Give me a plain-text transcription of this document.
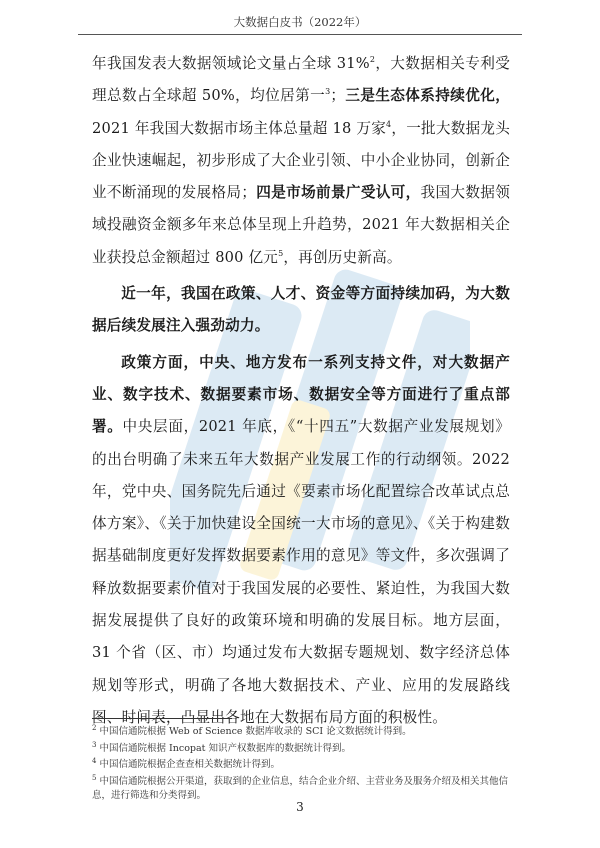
大数据白皮书（2022年）

年我国发表大数据领域论文量占全球 31%$^2$，大数据相关专利受理总数占全球超 50%，均位居第一$^3$；三是生态体系持续优化，2021 年我国大数据市场主体总量超 18 万家$^4$，一批大数据龙头企业快速崛起，初步形成了大企业引领、中小企业协同，创新企业不断涌现的发展格局；四是市场前景广受认可，我国大数据领域投融资金额多年来总体呈现上升趋势，2021 年大数据相关企业获投总金额超过 800 亿元$^5$，再创历史新高。

近一年，我国在政策、人才、资金等方面持续加码，为大数据后续发展注入强劲动力。

政策方面，中央、地方发布一系列支持文件，对大数据产业、数字技术、数据要素市场、数据安全等方面进行了重点部署。中央层面，2021 年底，《“十四五”大数据产业发展规划》的出台明确了未来五年大数据产业发展工作的行动纲领。2022 年，党中央、国务院先后通过《要素市场化配置综合改革试点总体方案》、《关于加快建设全国统一大市场的意见》、《关于构建数据基础制度更好发挥数据要素作用的意见》等文件，多次强调了释放数据要素价值对于我国发展的必要性、紧迫性，为我国大数据发展提供了良好的政策环境和明确的发展目标。地方层面，31 个省（区、市）均通过发布大数据专题规划、数字经济总体规划等形式，明确了各地大数据技术、产业、应用的发展路线图、时间表，凸显出各地在大数据布局方面的积极性。

$^2$ 中国信通院根据 Web of Science 数据库收录的 SCI 论文数据统计得到。
$^3$ 中国信通院根据 Incopat 知识产权数据库的数据统计得到。
$^4$ 中国信通院根据企查查相关数据统计得到。
$^5$ 中国信通院根据公开渠道，获取到的企业信息，结合企业介绍、主营业务及服务介绍及相关其他信息，进行筛选和分类得到。
3
